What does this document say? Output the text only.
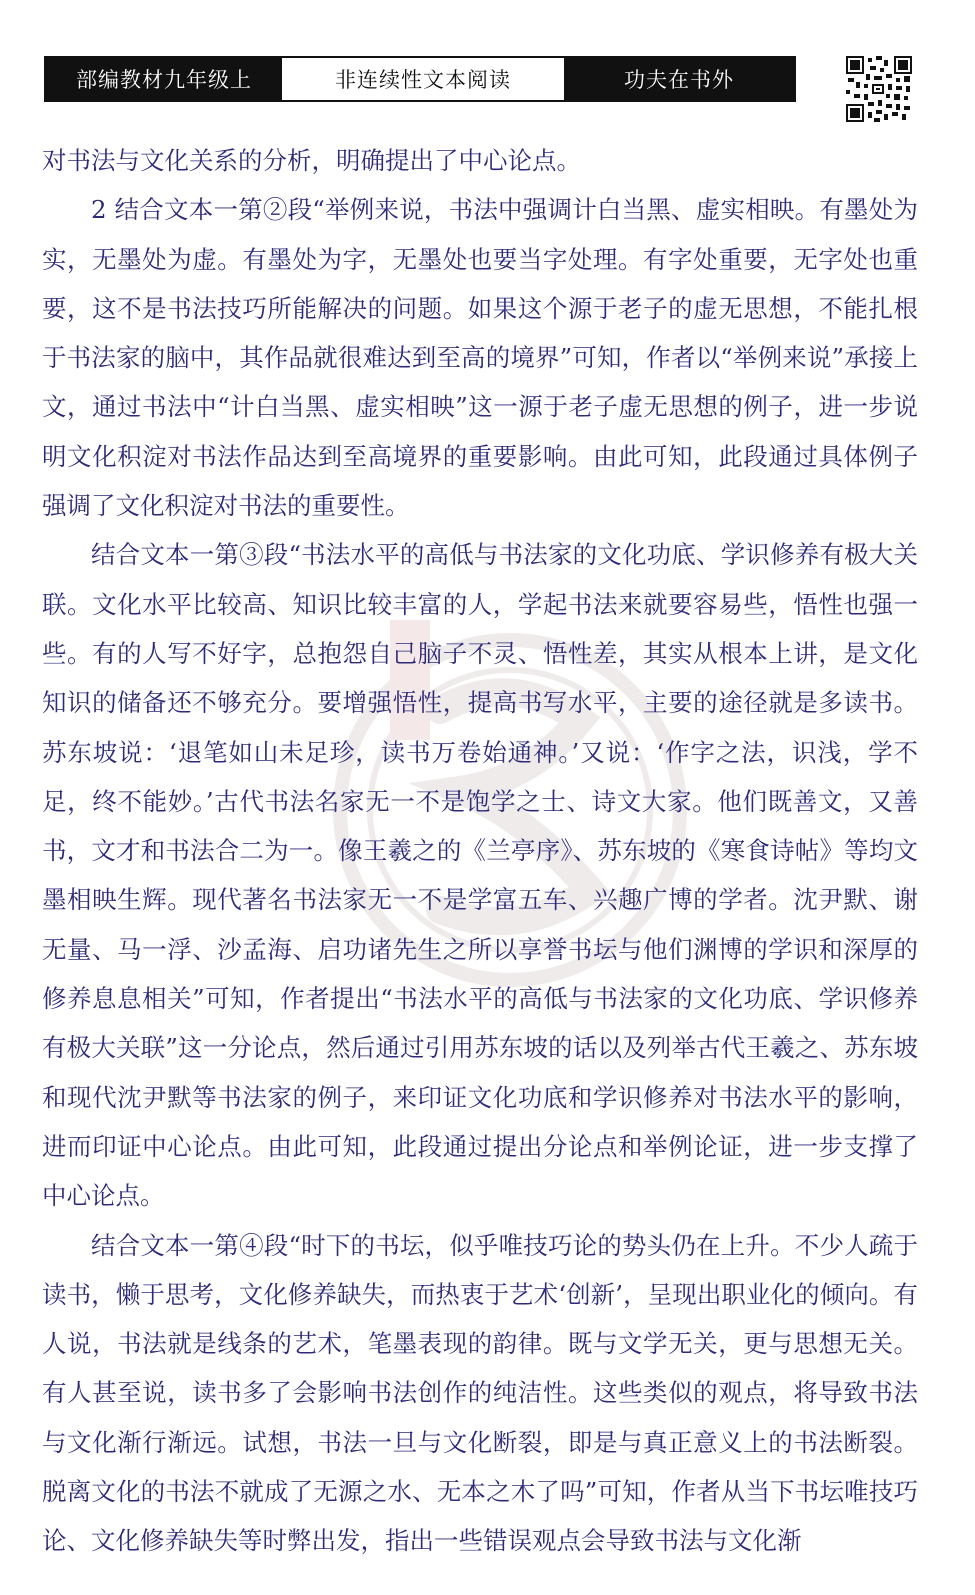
部编教材九年级上	非连续性文本阅读	功夫在书外

对书法与文化关系的分析，明确提出了中心论点。

2 结合文本一第②段“举例来说，书法中强调计白当黑、虚实相映。有墨处为实，无墨处为虚。有墨处为字，无墨处也要当字处理。有字处重要，无字处也重要，这不是书法技巧所能解决的问题。如果这个源于老子的虚无思想，不能扎根于书法家的脑中，其作品就很难达到至高的境界”可知，作者以“举例来说”承接上文，通过书法中“计白当黑、虚实相映”这一源于老子虚无思想的例子，进一步说明文化积淀对书法作品达到至高境界的重要影响。由此可知，此段通过具体例子强调了文化积淀对书法的重要性。

结合文本一第③段“书法水平的高低与书法家的文化功底、学识修养有极大关联。文化水平比较高、知识比较丰富的人，学起书法来就要容易些，悟性也强一些。有的人写不好字，总抱怨自己脑子不灵、悟性差，其实从根本上讲，是文化知识的储备还不够充分。要增强悟性，提高书写水平，主要的途径就是多读书。苏东坡说：‘退笔如山未足珍，读书万卷始通神。’又说：‘作字之法，识浅，学不足，终不能妙。’古代书法名家无一不是饱学之士、诗文大家。他们既善文，又善书，文才和书法合二为一。像王羲之的《兰亭序》、苏东坡的《寒食诗帖》等均文墨相映生辉。现代著名书法家无一不是学富五车、兴趣广博的学者。沈尹默、谢无量、马一浮、沙孟海、启功诸先生之所以享誉书坛与他们渊博的学识和深厚的修养息息相关”可知，作者提出“书法水平的高低与书法家的文化功底、学识修养有极大关联”这一分论点，然后通过引用苏东坡的话以及列举古代王羲之、苏东坡和现代沈尹默等书法家的例子，来印证文化功底和学识修养对书法水平的影响，进而印证中心论点。由此可知，此段通过提出分论点和举例论证，进一步支撑了中心论点。

结合文本一第④段“时下的书坛，似乎唯技巧论的势头仍在上升。不少人疏于读书，懒于思考，文化修养缺失，而热衷于艺术‘创新’，呈现出职业化的倾向。有人说，书法就是线条的艺术，笔墨表现的韵律。既与文学无关，更与思想无关。有人甚至说，读书多了会影响书法创作的纯洁性。这些类似的观点，将导致书法与文化渐行渐远。试想，书法一旦与文化断裂，即是与真正意义上的书法断裂。脱离文化的书法不就成了无源之水、无本之木了吗”可知，作者从当下书坛唯技巧论、文化修养缺失等时弊出发，指出一些错误观点会导致书法与文化渐
